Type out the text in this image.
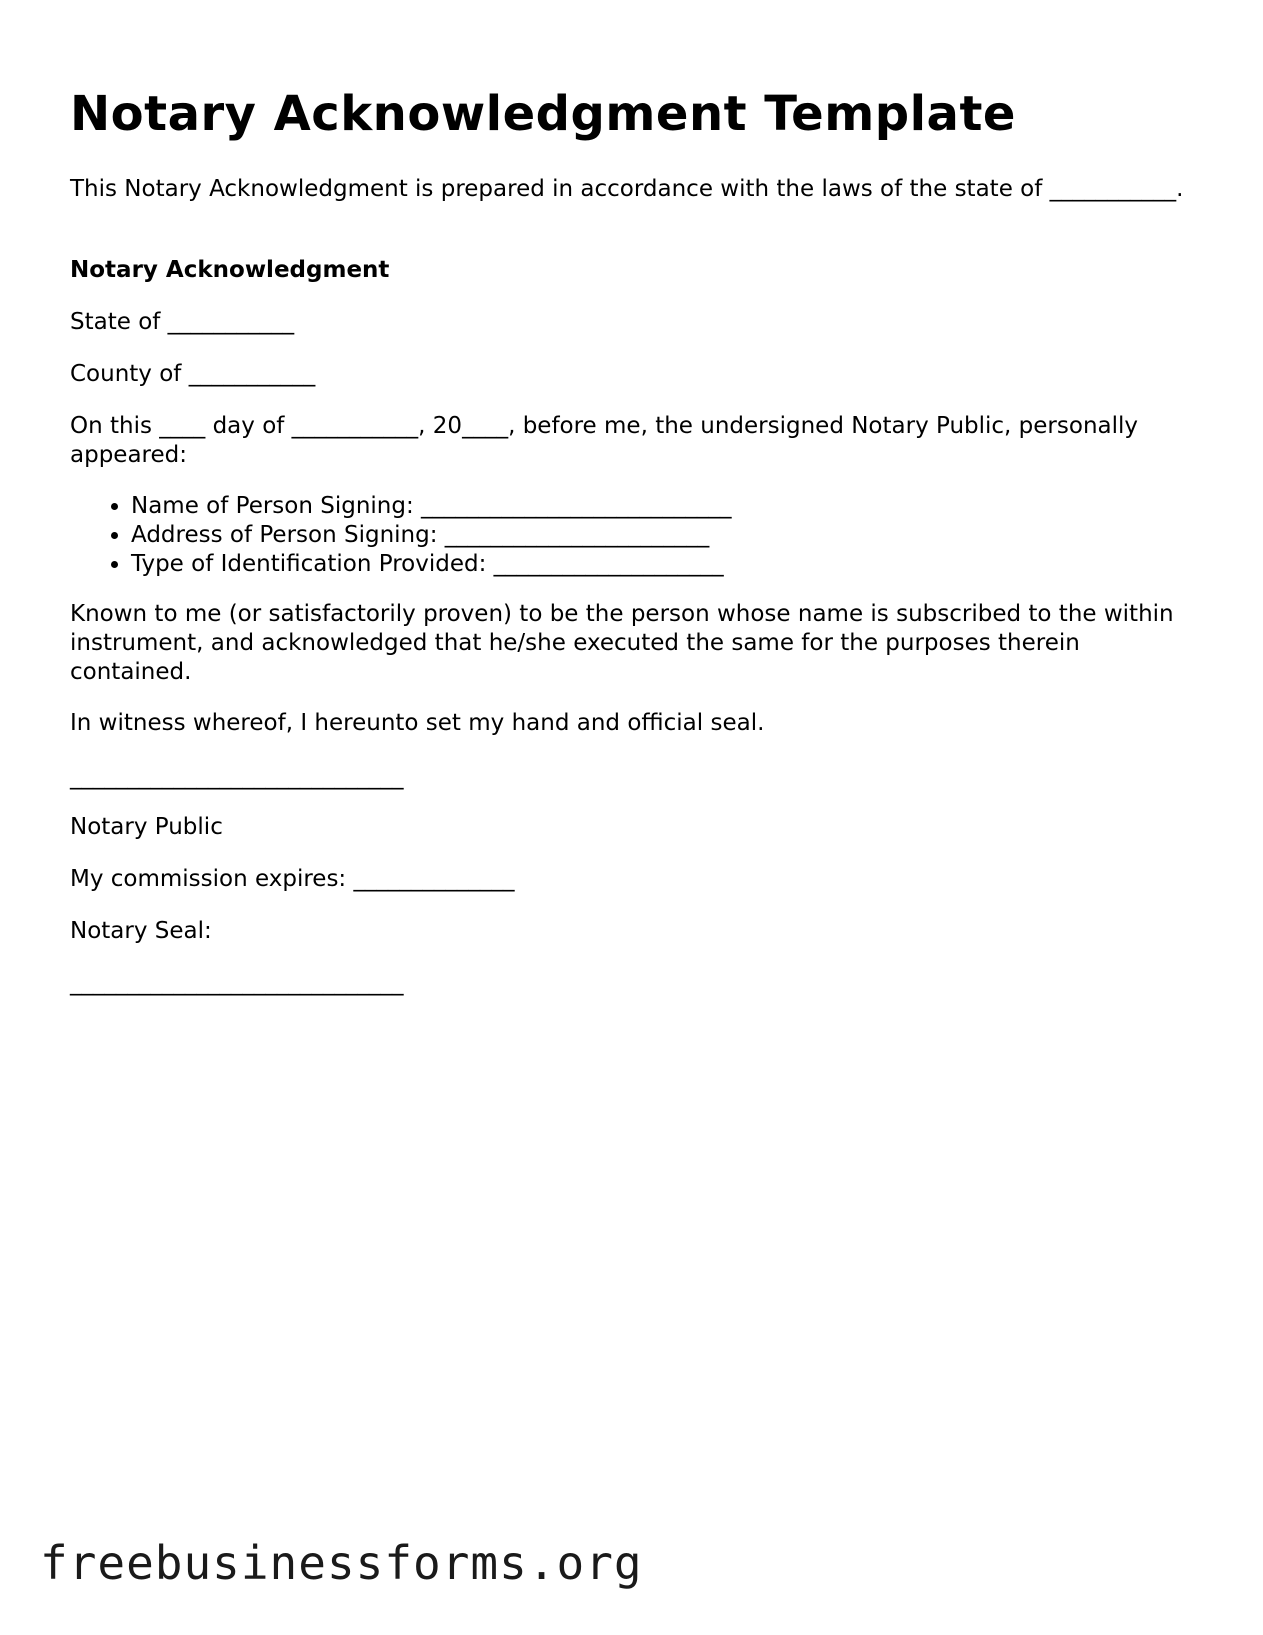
Notary Acknowledgment Template

This Notary Acknowledgment is prepared in accordance with the laws of the state of ___________.

Notary Acknowledgment

State of ___________

County of ___________

On this ____ day of ___________, 20____, before me, the undersigned Notary Public, personally appeared:

• Name of Person Signing: ___________________________
• Address of Person Signing: _______________________
• Type of Identification Provided: ____________________

Known to me (or satisfactorily proven) to be the person whose name is subscribed to the within instrument, and acknowledged that he/she executed the same for the purposes therein contained.

In witness whereof, I hereunto set my hand and official seal.

_____________________________

Notary Public

My commission expires: ______________

Notary Seal:

_____________________________

freebusinessforms.org
